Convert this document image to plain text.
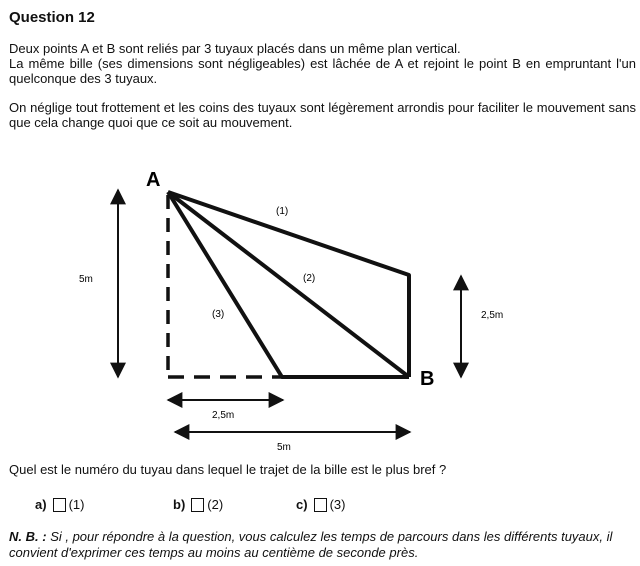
Question 12
Deux points A et B sont reliés par 3 tuyaux placés dans un même plan vertical.
La même bille (ses dimensions sont négligeables) est lâchée de A et rejoint le point B en empruntant l'un quelconque des 3 tuyaux.
On néglige tout frottement et les coins des tuyaux sont légèrement arrondis pour faciliter le mouvement sans que cela change quoi que ce soit au mouvement.
A
B
(1)
(2)
(3)
5m
2,5m
2,5m
5m
Quel est le numéro du tuyau dans lequel le trajet de la bille est le plus bref ?
a) (1)	b) (2)	c) (3)
N. B. : Si , pour répondre à la question, vous calculez les temps de parcours dans les différents tuyaux, il convient d'exprimer ces temps au moins au centième de seconde près.
